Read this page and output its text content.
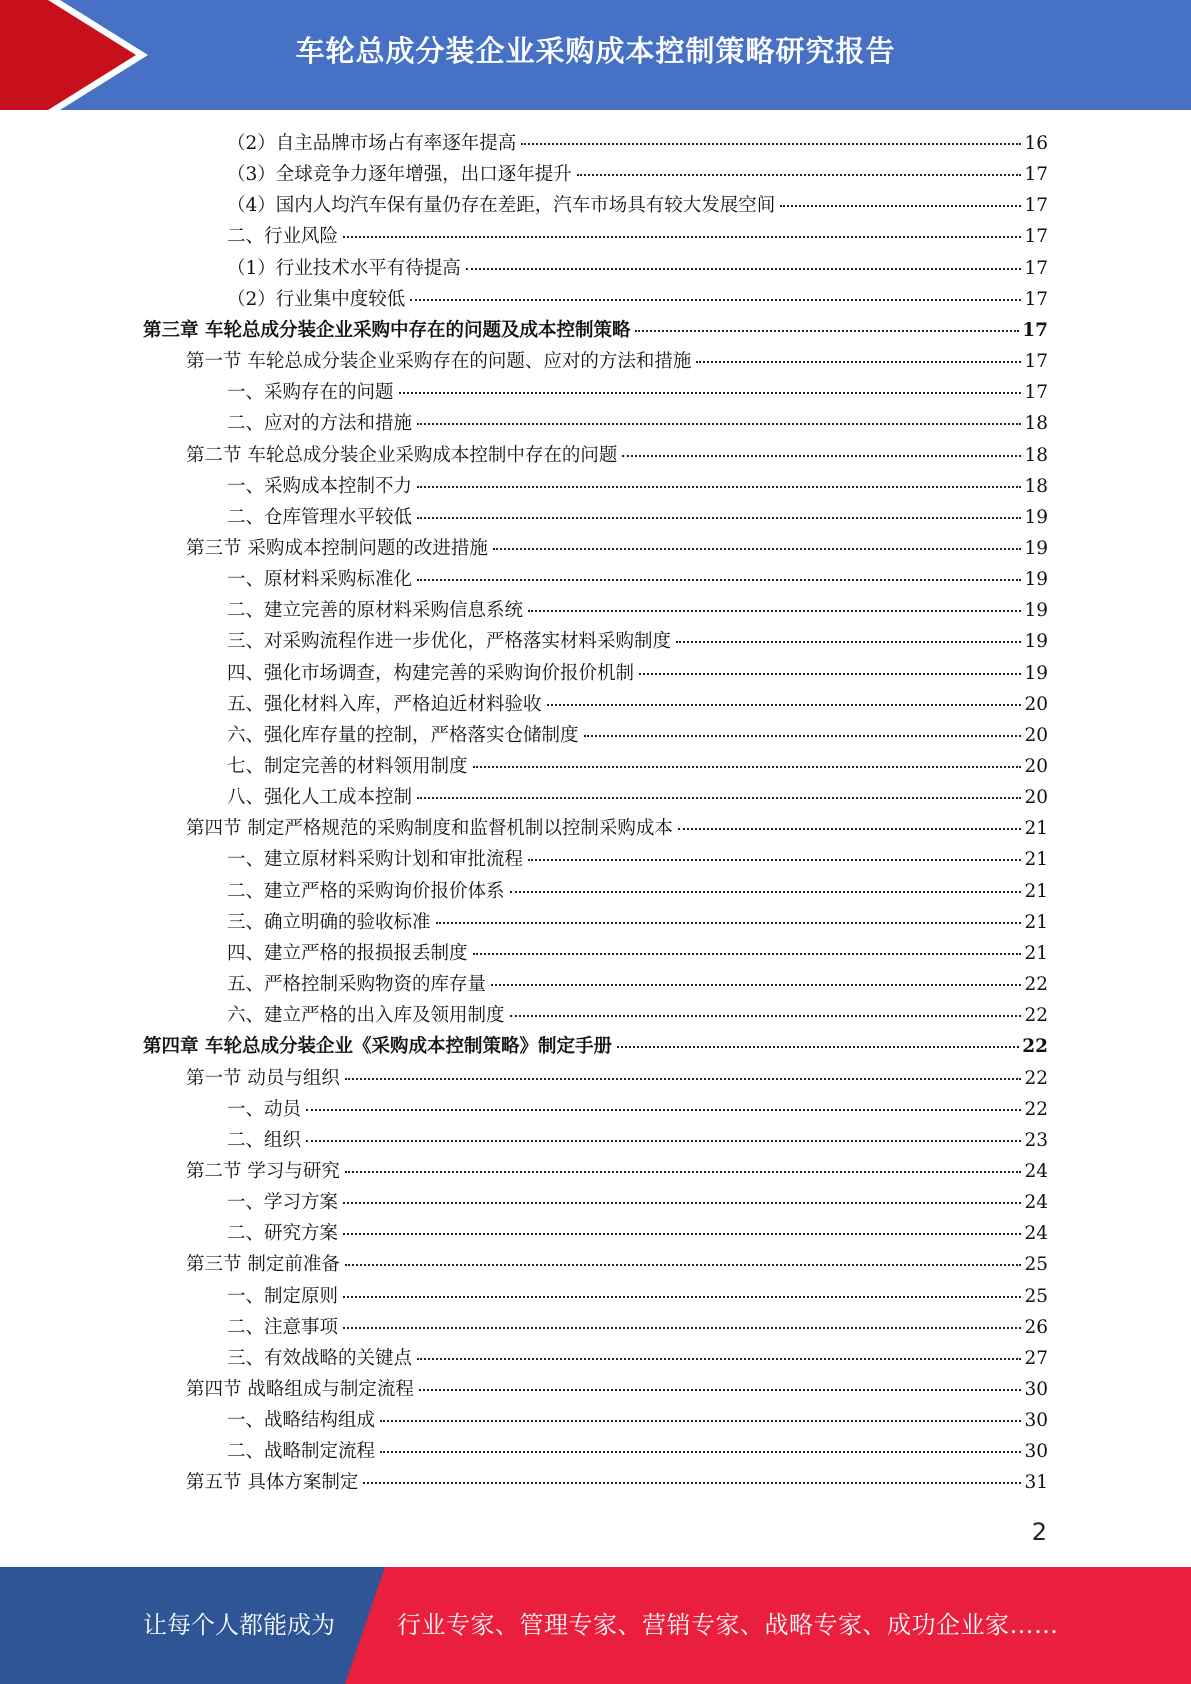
车轮总成分装企业采购成本控制策略研究报告
（2）自主品牌市场占有率逐年提高	16
（3）全球竞争力逐年增强，出口逐年提升	17
（4）国内人均汽车保有量仍存在差距，汽车市场具有较大发展空间	17
二、行业风险	17
（1）行业技术水平有待提高	17
（2）行业集中度较低	17
第三章 车轮总成分装企业采购中存在的问题及成本控制策略	17
第一节 车轮总成分装企业采购存在的问题、应对的方法和措施	17
一、采购存在的问题	17
二、应对的方法和措施	18
第二节 车轮总成分装企业采购成本控制中存在的问题	18
一、采购成本控制不力	18
二、仓库管理水平较低	19
第三节 采购成本控制问题的改进措施	19
一、原材料采购标准化	19
二、建立完善的原材料采购信息系统	19
三、对采购流程作进一步优化，严格落实材料采购制度	19
四、强化市场调查，构建完善的采购询价报价机制	19
五、强化材料入库，严格迫近材料验收	20
六、强化库存量的控制，严格落实仓储制度	20
七、制定完善的材料领用制度	20
八、强化人工成本控制	20
第四节 制定严格规范的采购制度和监督机制以控制采购成本	21
一、建立原材料采购计划和审批流程	21
二、建立严格的采购询价报价体系	21
三、确立明确的验收标准	21
四、建立严格的报损报丢制度	21
五、严格控制采购物资的库存量	22
六、建立严格的出入库及领用制度	22
第四章 车轮总成分装企业《采购成本控制策略》制定手册	22
第一节 动员与组织	22
一、动员	22
二、组织	23
第二节 学习与研究	24
一、学习方案	24
二、研究方案	24
第三节 制定前准备	25
一、制定原则	25
二、注意事项	26
三、有效战略的关键点	27
第四节 战略组成与制定流程	30
一、战略结构组成	30
二、战略制定流程	30
第五节 具体方案制定	31
2
让每个人都能成为	行业专家、管理专家、营销专家、战略专家、成功企业家……
